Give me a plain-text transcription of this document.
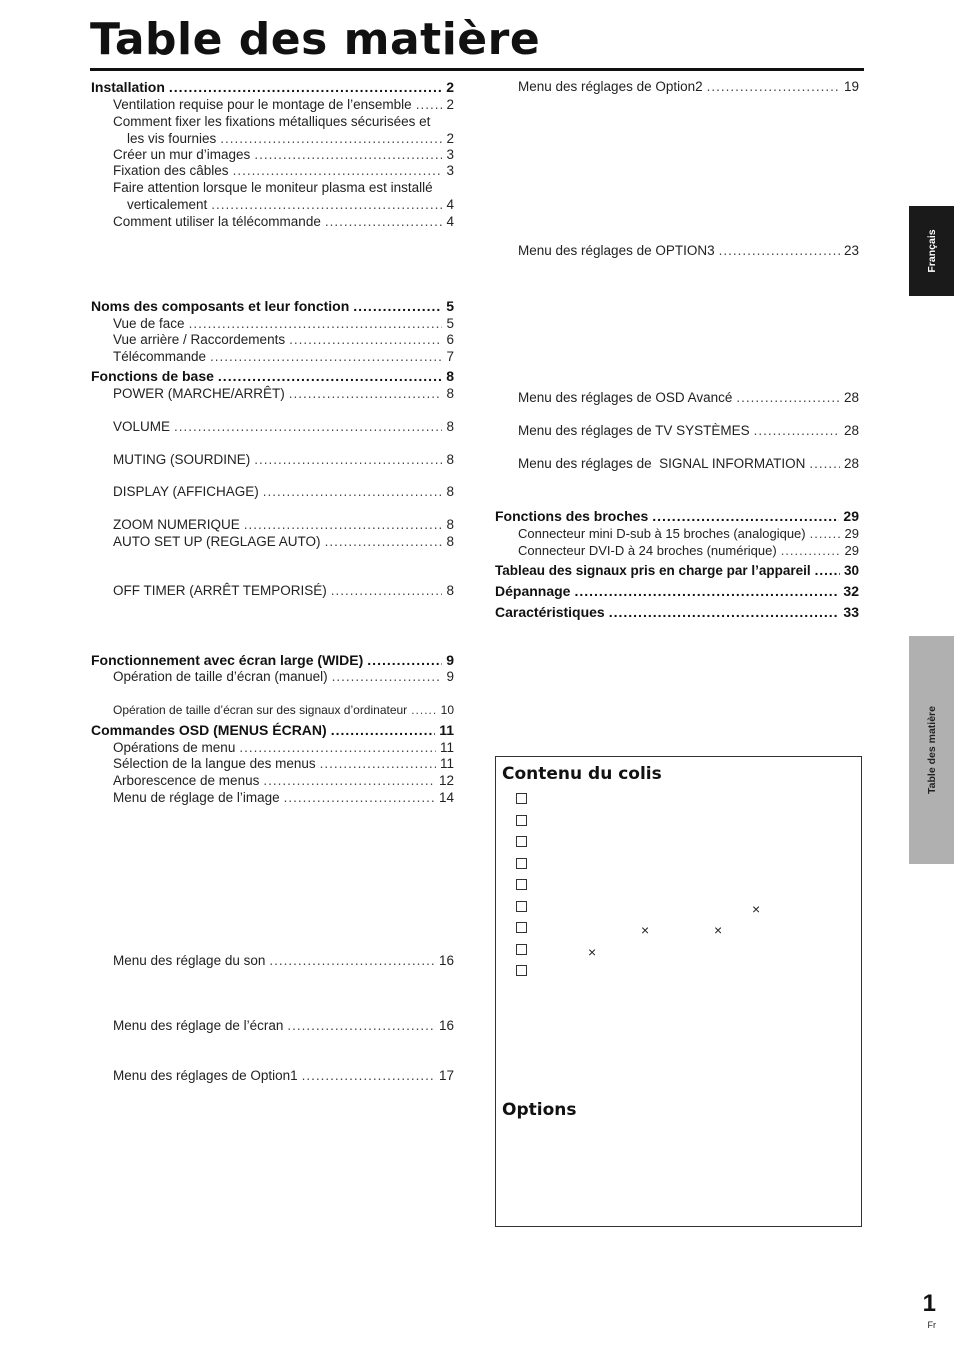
Table des matière
Installation .....	2
Ventilation requise pour le montage de l’ensemble .....	2
Comment fixer les fixations métalliques sécurisées et
les vis fournies .....	2
Créer un mur d’images .....	3
Fixation des câbles .....	3
Faire attention lorsque le moniteur plasma est installé
verticalement .....	4
Comment utiliser la télécommande .....	4
Noms des composants et leur fonction .....	5
Vue de face .....	5
Vue arrière / Raccordements .....	6
Télécommande .....	7
Fonctions de base .....	8
POWER (MARCHE/ARRÊT) .....	8
VOLUME .....	8
MUTING (SOURDINE) .....	8
DISPLAY (AFFICHAGE) .....	8
ZOOM NUMERIQUE .....	8
AUTO SET UP (REGLAGE AUTO) .....	8
OFF TIMER (ARRÊT TEMPORISÉ) .....	8
Fonctionnement avec écran large (WIDE) .....	9
Opération de taille d’écran (manuel) .....	9
Opération de taille d’écran sur des signaux d’ordinateur .....	10
Commandes OSD (MENUS ÉCRAN) .....	11
Opérations de menu .....	11
Sélection de la langue des menus .....	11
Arborescence de menus .....	12
Menu de réglage de l’image .....	14
Menu des réglage du son .....	16
Menu des réglage de l’écran .....	16
Menu des réglages de Option1 .....	17
Menu des réglages de Option2 .....	19
Menu des réglages de OPTION3 .....	23
Menu des réglages de OSD Avancé .....	28
Menu des réglages de TV SYSTÈMES .....	28
Menu des réglages de  SIGNAL INFORMATION .....	28
Fonctions des broches .....	29
Connecteur mini D-sub à 15 broches (analogique) .....	29
Connecteur DVI-D à 24 broches (numérique) .....	29
Tableau des signaux pris en charge par l’appareil ..... 30
Dépannage .....	32
Caractéristiques .....	33
Contenu du colis
×
×	×
×
Options
Français
Table des matière
1
Fr
